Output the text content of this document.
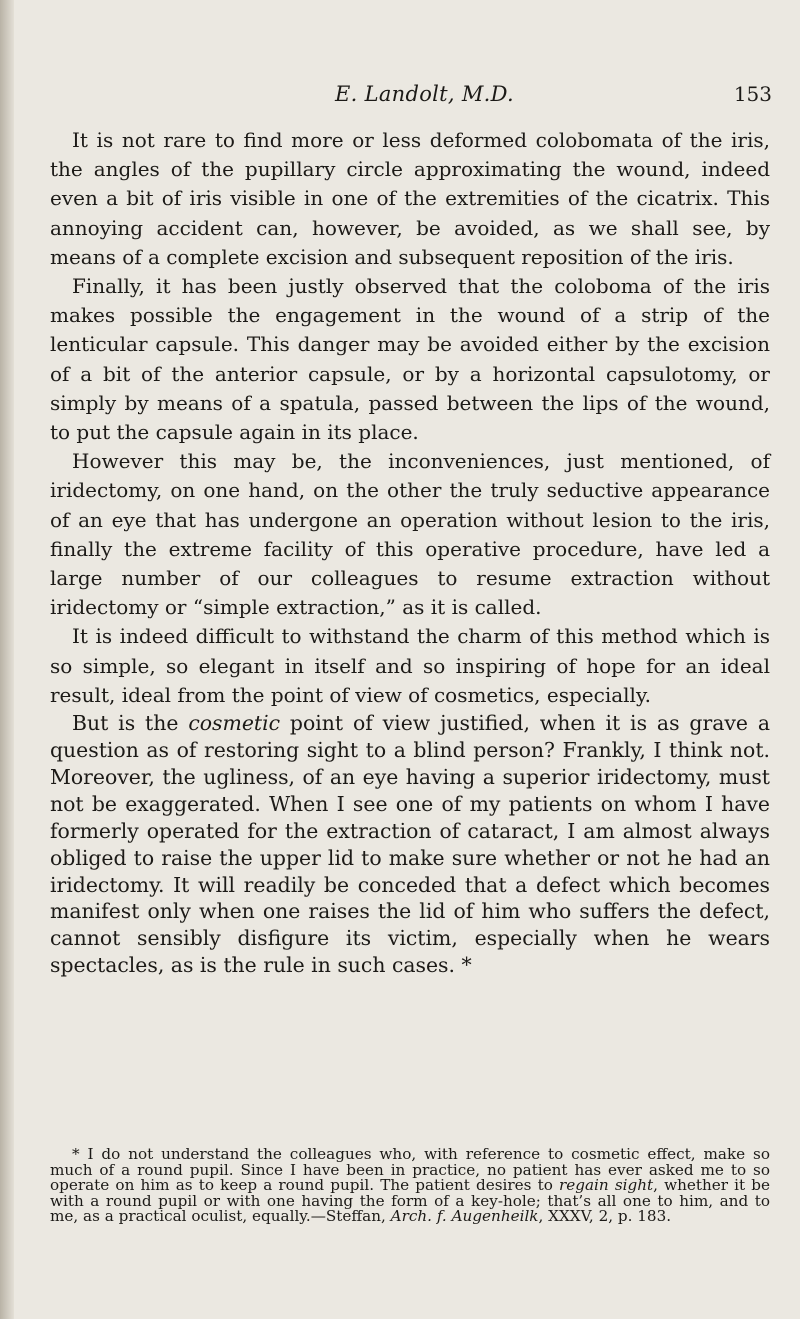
E. Landolt, M.D.	153

It is not rare to find more or less deformed colobomata of the iris, the angles of the pupillary circle approximating the wound, indeed even a bit of iris visible in one of the extremities of the cicatrix. This annoying accident can, however, be avoided, as we shall see, by means of a complete excision and subsequent reposition of the iris.

Finally, it has been justly observed that the coloboma of the iris makes possible the engagement in the wound of a strip of the lenticular capsule. This danger may be avoided either by the excision of a bit of the anterior capsule, or by a horizontal capsulotomy, or simply by means of a spatula, passed between the lips of the wound, to put the capsule again in its place.

However this may be, the inconveniences, just mentioned, of iridectomy, on one hand, on the other the truly seductive appearance of an eye that has undergone an operation without lesion to the iris, finally the extreme facility of this operative procedure, have led a large number of our colleagues to resume extraction without iridectomy or “simple extraction,” as it is called.

It is indeed difficult to withstand the charm of this method which is so simple, so elegant in itself and so inspiring of hope for an ideal result, ideal from the point of view of cosmetics, especially.

But is the cosmetic point of view justified, when it is as grave a question as of restoring sight to a blind person? Frankly, I think not. Moreover, the ugliness, of an eye having a superior iridectomy, must not be exaggerated. When I see one of my patients on whom I have formerly operated for the extraction of cataract, I am almost always obliged to raise the upper lid to make sure whether or not he had an iridectomy. It will readily be conceded that a defect which becomes manifest only when one raises the lid of him who suffers the defect, cannot sensibly disfigure its victim, especially when he wears spectacles, as is the rule in such cases. *

* I do not understand the colleagues who, with reference to cosmetic effect, make so much of a round pupil. Since I have been in practice, no patient has ever asked me to so operate on him as to keep a round pupil. The patient desires to regain sight, whether it be with a round pupil or with one having the form of a key-hole; that’s all one to him, and to me, as a practical oculist, equally.—Steffan, Arch. f. Augenheilk, XXXV, 2, p. 183.
